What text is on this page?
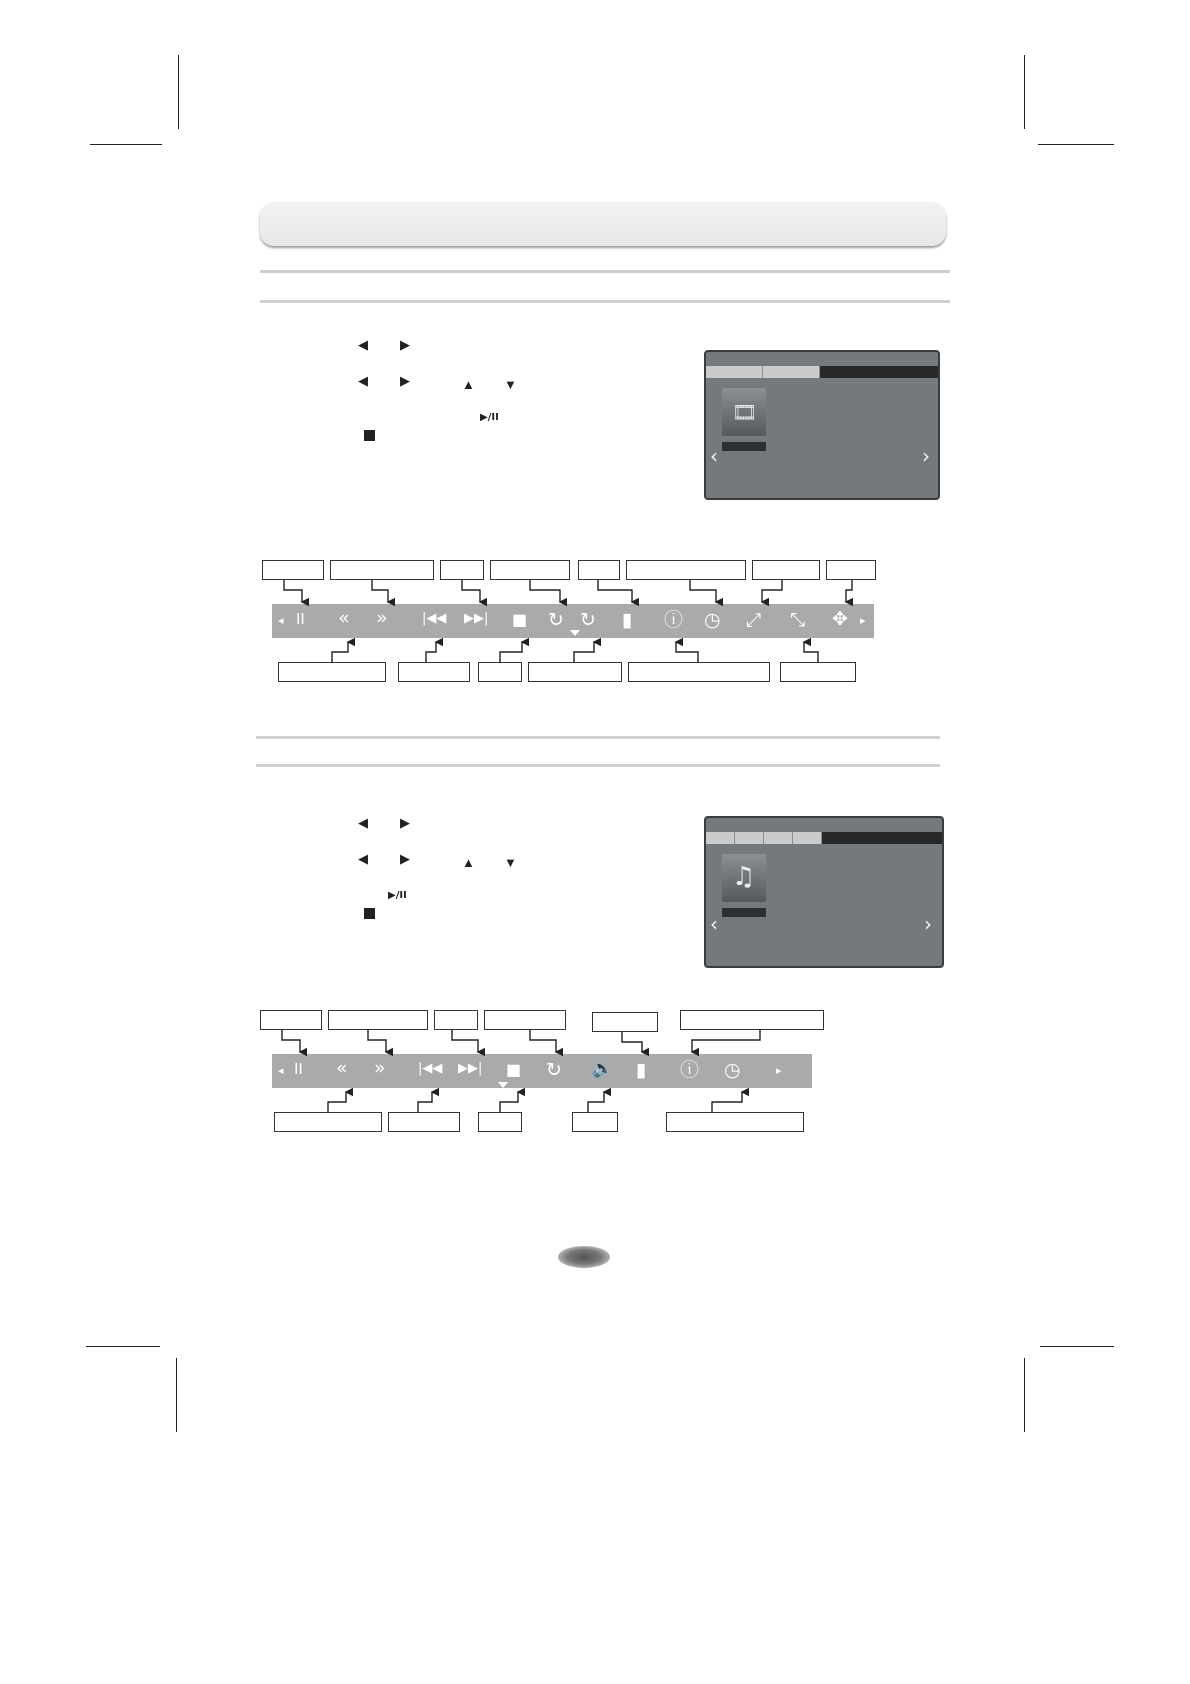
◀ ▶
◀ ▶	▲ ▼
▶/II	🎞
‹	›
◂ II « »	|◀◀ ▶▶| ■ ↻ ↻ ▮ ⓘ ◷ ⤢ ⤡ ✥ ▸
◀ ▶
◀ ▶	▲ ▼
▶/II
♫
‹	›
◂ II « » |◀◀ ▶▶| ■ ↻ 🔈 ▮ ⓘ ◷	▸
